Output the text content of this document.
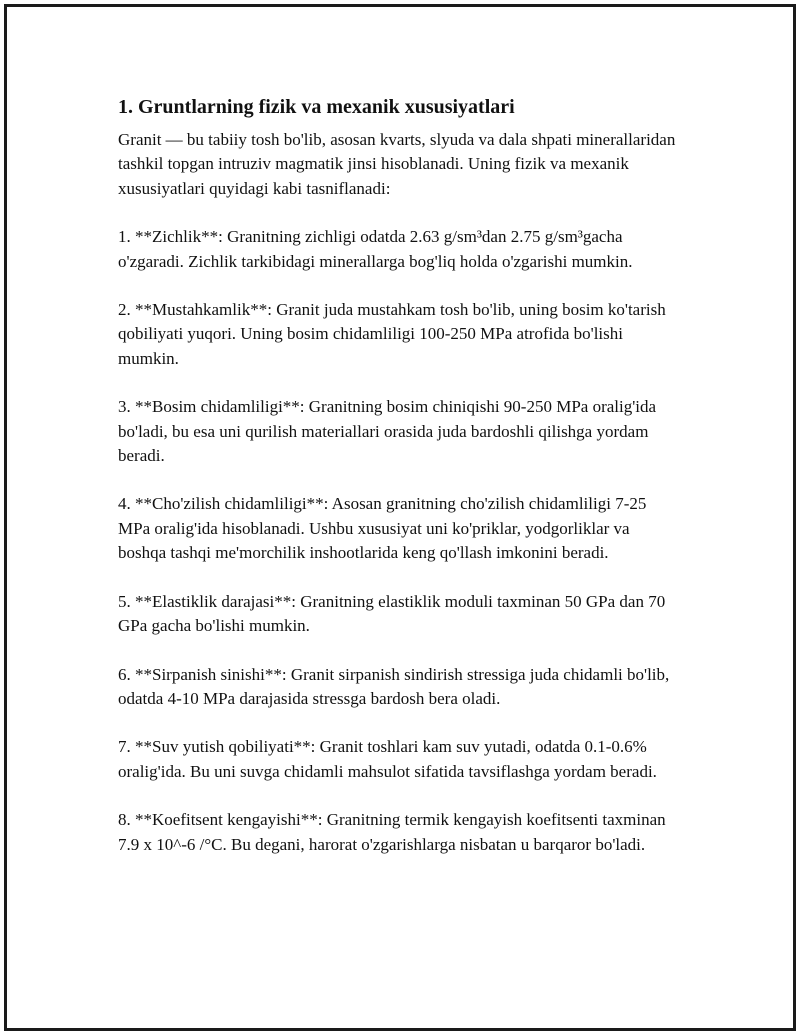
1. Gruntlarning fizik va mexanik xususiyatlari

Granit — bu tabiiy tosh bo'lib, asosan kvarts, slyuda va dala shpati minerallaridan tashkil topgan intruziv magmatik jinsi hisoblanadi. Uning fizik va mexanik xususiyatlari quyidagi kabi tasniflanadi:

1. **Zichlik**: Granitning zichligi odatda 2.63 g/sm³dan 2.75 g/sm³gacha o'zgaradi. Zichlik tarkibidagi minerallarga bog'liq holda o'zgarishi mumkin.

2. **Mustahkamlik**: Granit juda mustahkam tosh bo'lib, uning bosim ko'tarish qobiliyati yuqori. Uning bosim chidamliligi 100-250 MPa atrofida bo'lishi mumkin.

3. **Bosim chidamliligi**: Granitning bosim chiniqishi 90-250 MPa oralig'ida bo'ladi, bu esa uni qurilish materiallari orasida juda bardoshli qilishga yordam beradi.

4. **Cho'zilish chidamliligi**: Asosan granitning cho'zilish chidamliligi 7-25 MPa oralig'ida hisoblanadi. Ushbu xususiyat uni ko'priklar, yodgorliklar va boshqa tashqi me'morchilik inshootlarida keng qo'llash imkonini beradi.

5. **Elastiklik darajasi**: Granitning elastiklik moduli taxminan 50 GPa dan 70 GPa gacha bo'lishi mumkin.

6. **Sirpanish sinishi**: Granit sirpanish sindirish stressiga juda chidamli bo'lib, odatda 4-10 MPa darajasida stressga bardosh bera oladi.

7. **Suv yutish qobiliyati**: Granit toshlari kam suv yutadi, odatda 0.1-0.6% oralig'ida. Bu uni suvga chidamli mahsulot sifatida tavsiflashga yordam beradi.

8. **Koefitsent kengayishi**: Granitning termik kengayish koefitsenti taxminan 7.9 x 10^-6 /°C. Bu degani, harorat o'zgarishlarga nisbatan u barqaror bo'ladi.
